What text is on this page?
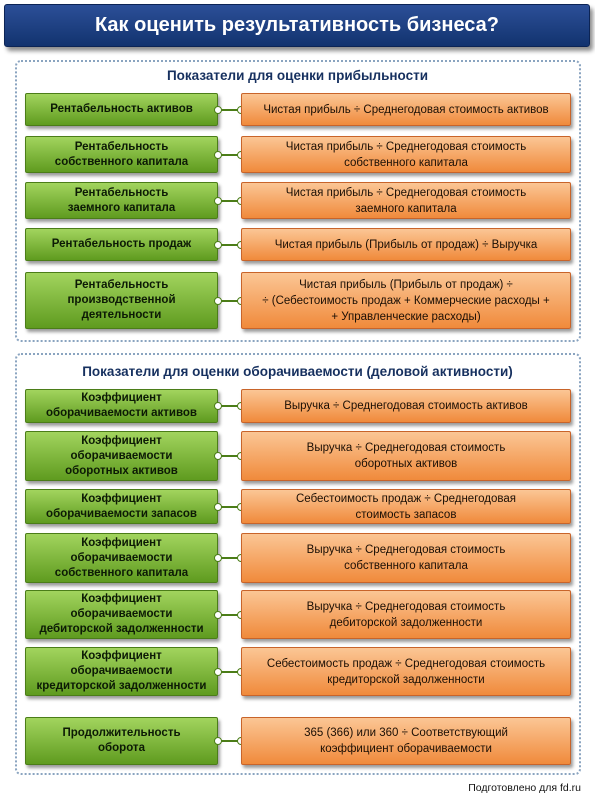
Как оценить результативность бизнеса?
Показатели для оценки прибыльности
Показатели для оценки оборачиваемости (деловой активности)
Рентабельность активов	Чистая прибыль ÷ Среднегодовая стоимость активов
Рентабельность
собственного капитала
Чистая прибыль ÷ Среднегодовая стоимость
собственного капитала
Рентабельность
заемного капитала
Чистая прибыль ÷ Среднегодовая стоимость
заемного капитала
Рентабельность продаж	Чистая прибыль (Прибыль от продаж) ÷ Выручка
Рентабельность
производственной
деятельности
Чистая прибыль (Прибыль от продаж) ÷
÷ (Себестоимость продаж + Коммерческие расходы +
+ Управленческие расходы)
Коэффициент
оборачиваемости активов
Выручка ÷ Среднегодовая стоимость активов
Коэффициент
оборачиваемости
оборотных активов
Выручка ÷ Среднегодовая стоимость
оборотных активов
Коэффициент
оборачиваемости запасов
Себестоимость продаж ÷ Среднегодовая
стоимость запасов
Коэффициент
оборачиваемости
собственного капитала
Выручка ÷ Среднегодовая стоимость
собственного капитала
Коэффициент
оборачиваемости
дебиторской задолженности
Выручка ÷ Среднегодовая стоимость
дебиторской задолженности
Коэффициент
оборачиваемости
кредиторской задолженности
Себестоимость продаж ÷ Среднегодовая стоимость
кредиторской задолженности
Продолжительность
оборота
365 (366) или 360 ÷ Соответствующий
коэффициент оборачиваемости
Подготовлено для fd.ru
